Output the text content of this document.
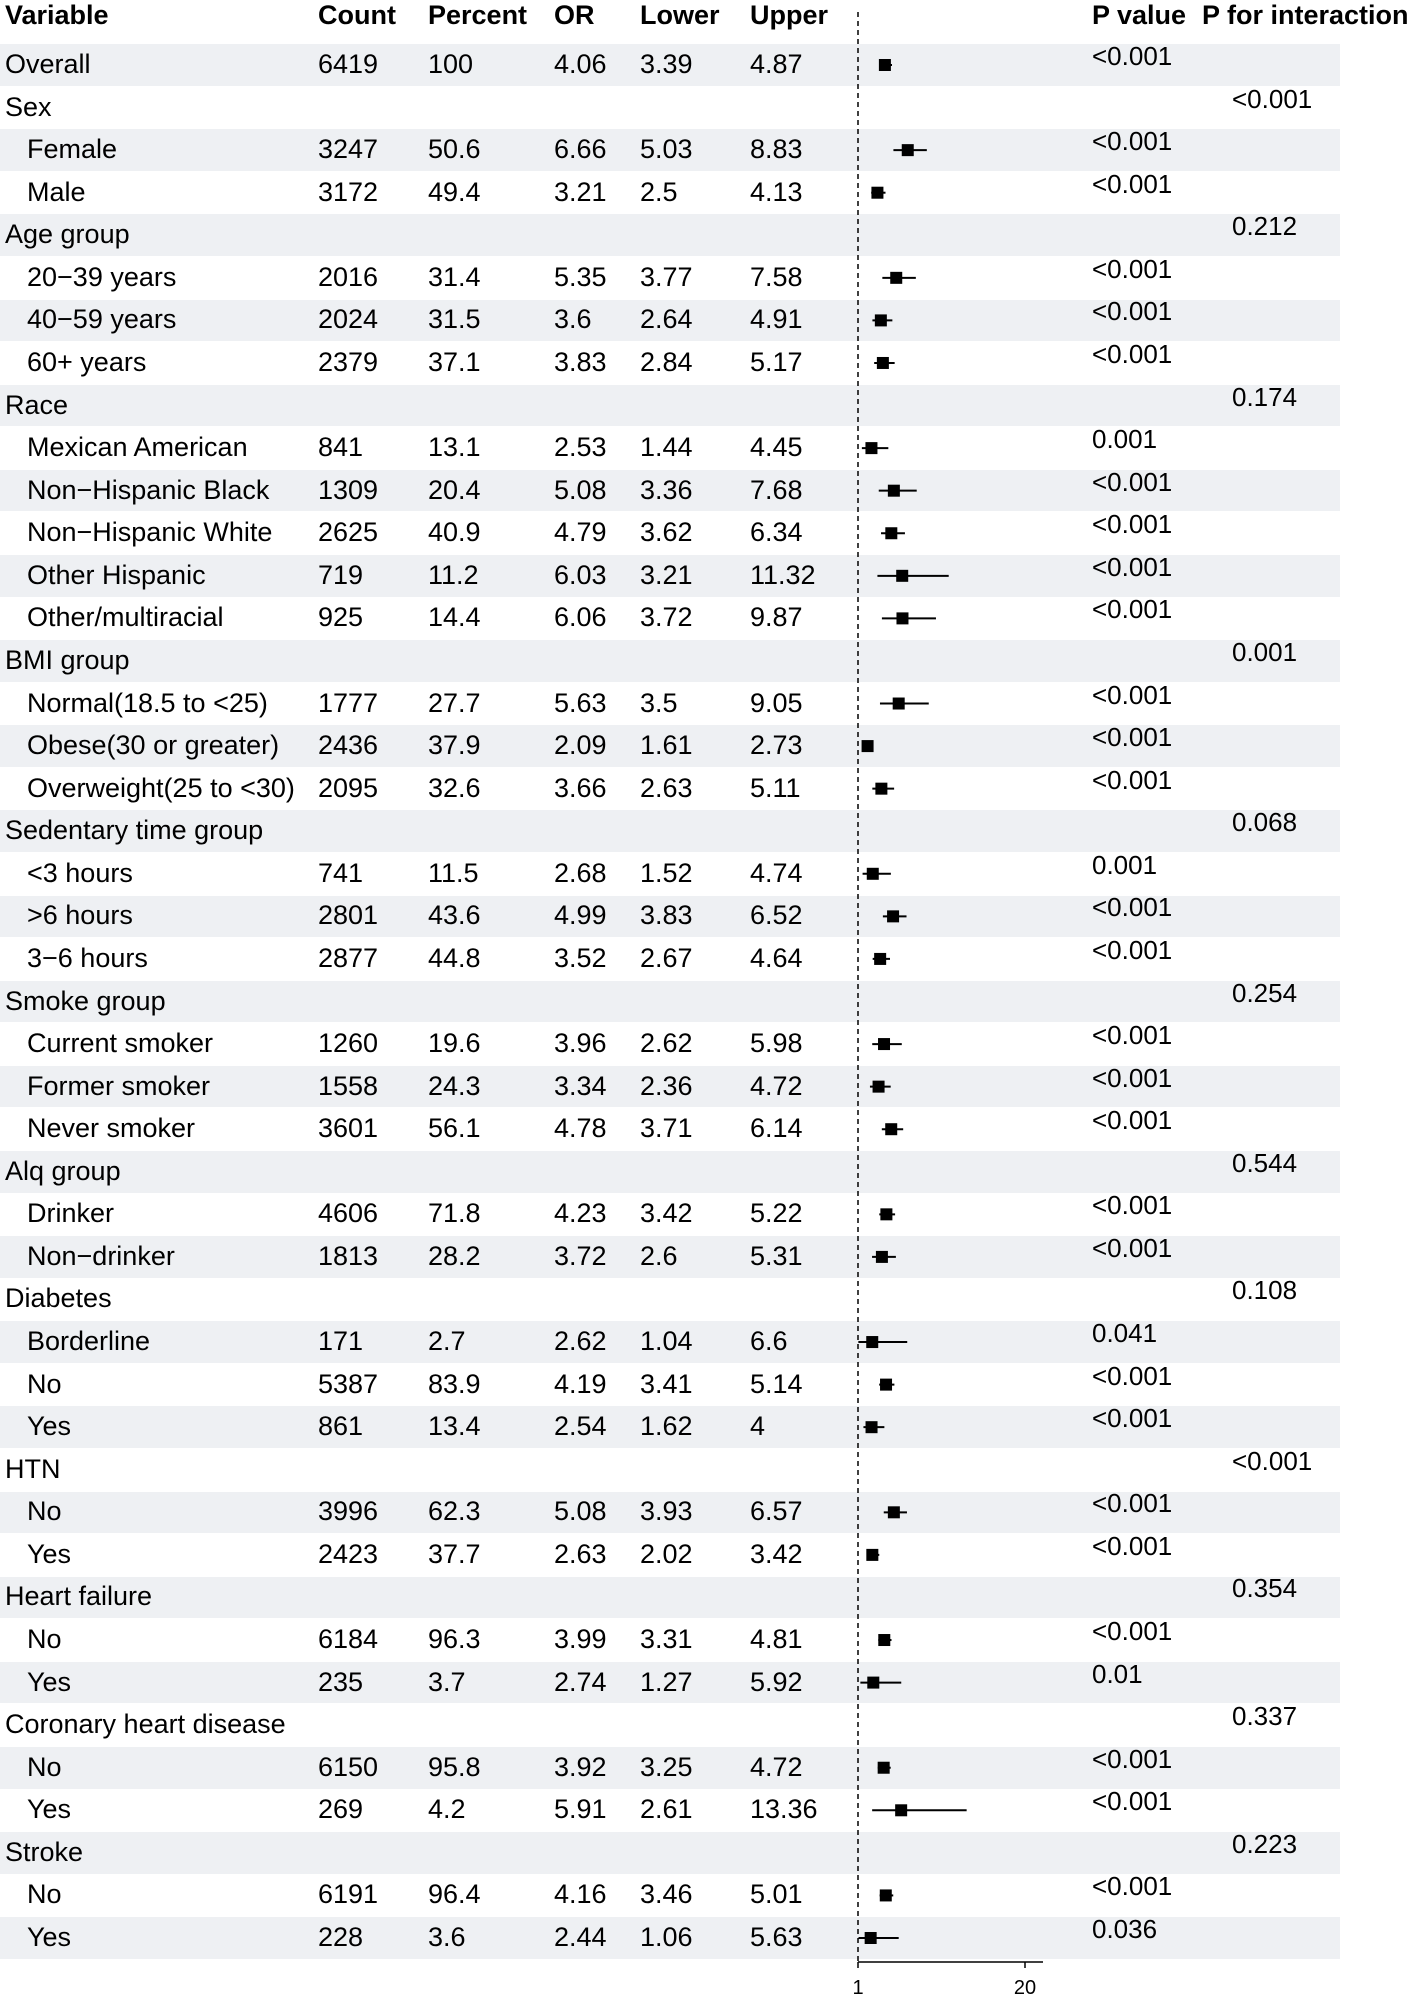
Variable	Count Percent OR Lower Upper	P value P for interaction
Overall	6419 100	4.06 3.39 4.87	<0.001
Sex	<0.001
Female	3247 50.6	6.66 5.03 8.83	<0.001
Male	3172 49.4	3.21 2.5	4.13	<0.001
Age group	0.212
20−39 years	2016 31.4	5.35 3.77 7.58	<0.001
40−59 years	2024 31.5	3.6 2.64 4.91	<0.001
60+ years	2379 37.1	3.83 2.84 5.17	<0.001
Race	0.174
Mexican American	841 13.1	2.53 1.44 4.45	0.001
Non−Hispanic Black 1309 20.4	5.08 3.36 7.68	<0.001
Non−Hispanic White 2625 40.9	4.79 3.62 6.34	<0.001
Other Hispanic	719 11.2	6.03 3.21 11.32	<0.001
Other/multiracial	925 14.4	6.06 3.72 9.87	<0.001
BMI group	0.001
Normal(18.5 to <25) 1777 27.7	5.63 3.5	9.05	<0.001
Obese(30 or greater) 2436 37.9	2.09 1.61 2.73	<0.001
Overweight(25 to <30) 2095 32.6	3.66 2.63 5.11	<0.001
Sedentary time group	0.068
<3 hours	741 11.5	2.68 1.52 4.74	0.001
>6 hours	2801 43.6	4.99 3.83 6.52	<0.001
3−6 hours	2877 44.8	3.52 2.67 4.64	<0.001
Smoke group	0.254
Current smoker	1260 19.6	3.96 2.62 5.98	<0.001
Former smoker	1558 24.3	3.34 2.36 4.72	<0.001
Never smoker	3601 56.1	4.78 3.71 6.14	<0.001
Alq group	0.544
Drinker	4606 71.8	4.23 3.42 5.22	<0.001
Non−drinker	1813 28.2	3.72 2.6	5.31	<0.001
Diabetes	0.108
Borderline	171 2.7	2.62 1.04 6.6	0.041
No	5387 83.9	4.19 3.41 5.14	<0.001
Yes	861 13.4	2.54 1.62 4	<0.001
HTN	<0.001
No	3996 62.3	5.08 3.93 6.57	<0.001
Yes	2423 37.7	2.63 2.02 3.42	<0.001
Heart failure	0.354
No	6184 96.3	3.99 3.31 4.81	<0.001
Yes	235 3.7	2.74 1.27 5.92	0.01
Coronary heart disease	0.337
No	6150 95.8	3.92 3.25 4.72	<0.001
Yes	269 4.2	5.91 2.61 13.36	<0.001
Stroke	0.223
No	6191 96.4	4.16 3.46 5.01	<0.001
Yes	228 3.6	2.44 1.06 5.63	0.036
1	20
